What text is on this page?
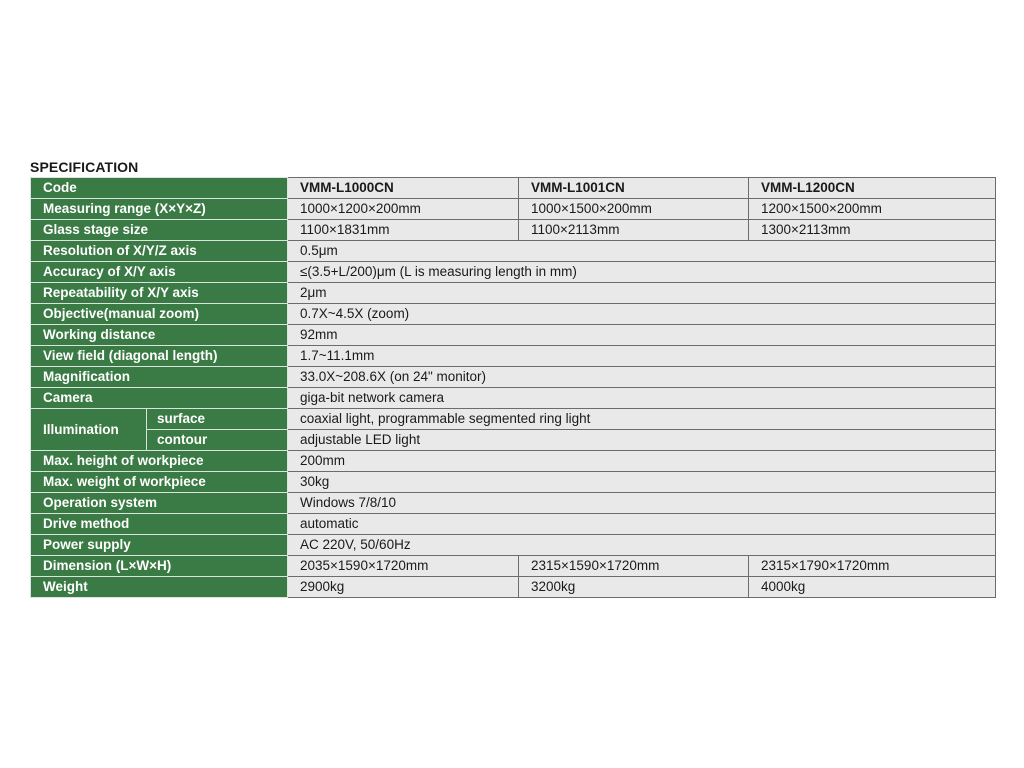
SPECIFICATION
Code		VMM-L1000CN	VMM-L1001CN	VMM-L1200CN
Measuring range (X×Y×Z)		1000×1200×200mm	1000×1500×200mm	1200×1500×200mm
Glass stage size		1100×1831mm	1100×2113mm	1300×2113mm
Resolution of X/Y/Z axis		0.5μm		
Accuracy of X/Y axis		≤(3.5+L/200)μm (L is measuring length in mm)		
Repeatability of X/Y axis		2μm		
Objective(manual zoom)		0.7X~4.5X (zoom)		
Working distance		92mm		
View field (diagonal length)		1.7~11.1mm		
Magnification		33.0X~208.6X (on 24" monitor)		
Camera		giga-bit network camera		
Illumination	surface	coaxial light, programmable segmented ring light		
	contour	adjustable LED light		
Max. height of workpiece		200mm		
Max. weight of workpiece		30kg		
Operation system		Windows 7/8/10		
Drive method		automatic		
Power supply		AC 220V, 50/60Hz		
Dimension (L×W×H)		2035×1590×1720mm	2315×1590×1720mm	2315×1790×1720mm
Weight		2900kg	3200kg	4000kg
